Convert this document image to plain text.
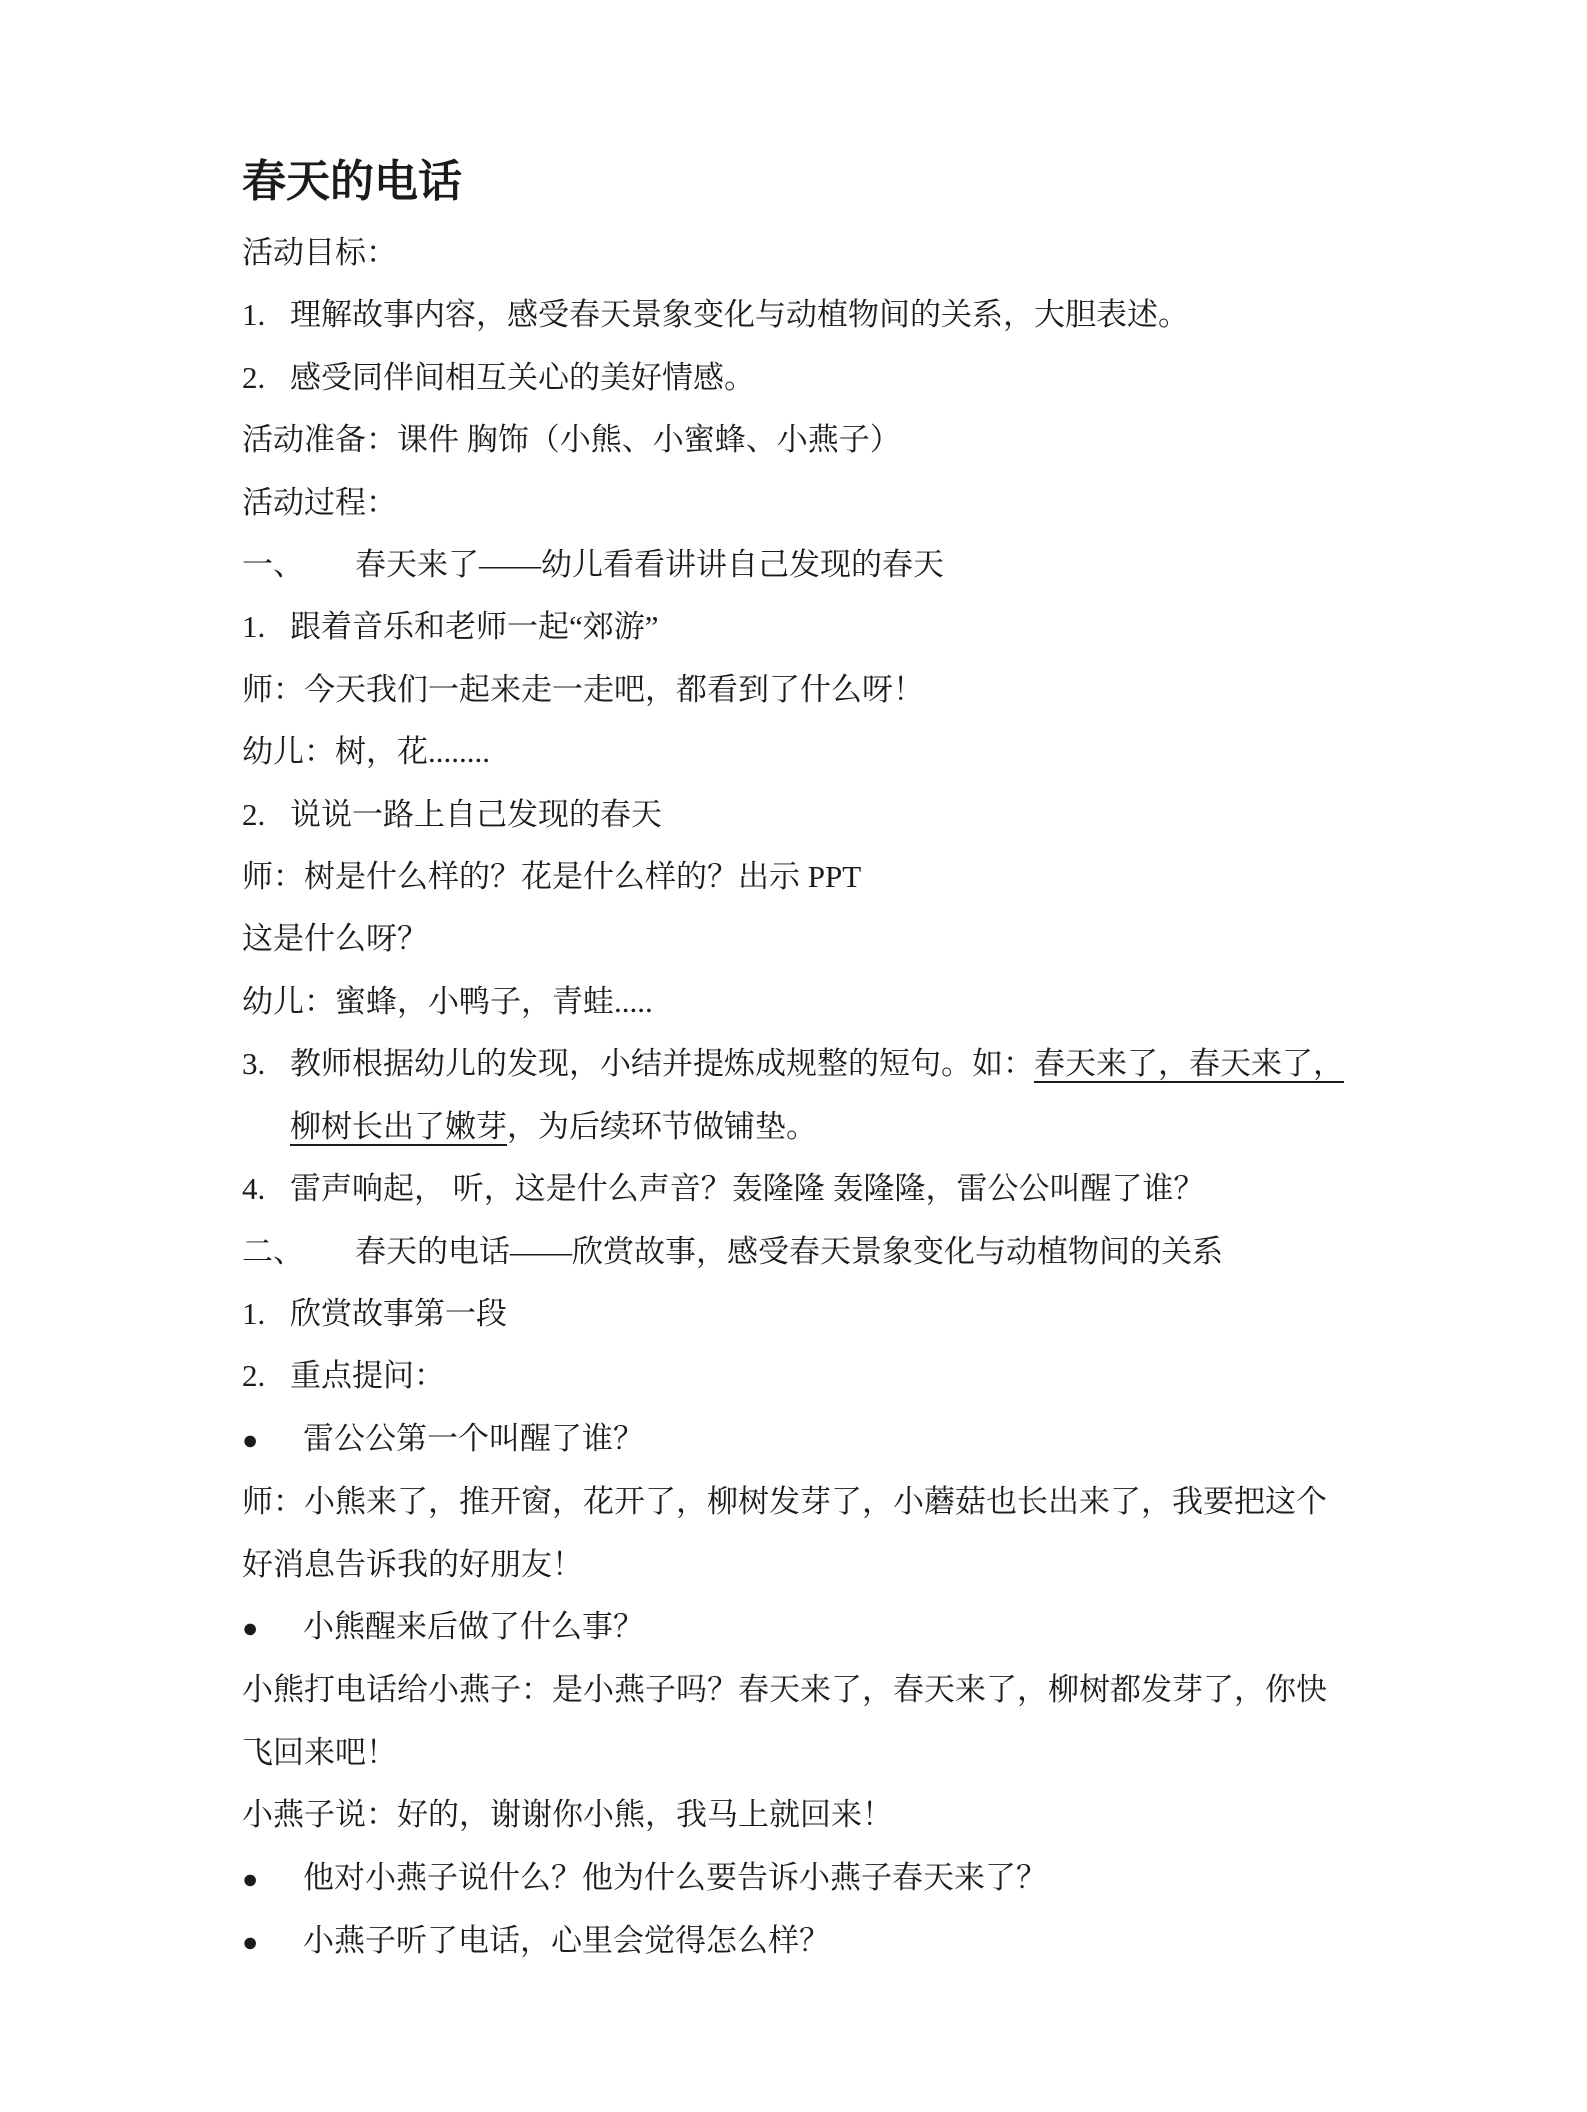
春天的电话
活动目标：
1. 理解故事内容，感受春天景象变化与动植物间的关系，大胆表述。
2. 感受同伴间相互关心的美好情感。
活动准备：课件 胸饰（小熊、小蜜蜂、小燕子）
活动过程：
一、 春天来了——幼儿看看讲讲自己发现的春天
1. 跟着音乐和老师一起“郊游”
师：今天我们一起来走一走吧，都看到了什么呀！
幼儿：树，花........
2. 说说一路上自己发现的春天
师：树是什么样的？花是什么样的？出示 PPT
这是什么呀？
幼儿：蜜蜂，小鸭子，青蛙.....
3. 教师根据幼儿的发现，小结并提炼成规整的短句。如：春天来了，春天来了，
柳树长出了嫩芽，为后续环节做铺垫。
4. 雷声响起， 听，这是什么声音？轰隆隆 轰隆隆，雷公公叫醒了谁？
二、 春天的电话——欣赏故事，感受春天景象变化与动植物间的关系
1. 欣赏故事第一段
2. 重点提问：
● 雷公公第一个叫醒了谁？
师：小熊来了，推开窗，花开了，柳树发芽了，小蘑菇也长出来了，我要把这个
好消息告诉我的好朋友！
● 小熊醒来后做了什么事？
小熊打电话给小燕子：是小燕子吗？春天来了，春天来了，柳树都发芽了，你快
飞回来吧！
小燕子说：好的，谢谢你小熊，我马上就回来！
● 他对小燕子说什么？他为什么要告诉小燕子春天来了？
● 小燕子听了电话，心里会觉得怎么样？
